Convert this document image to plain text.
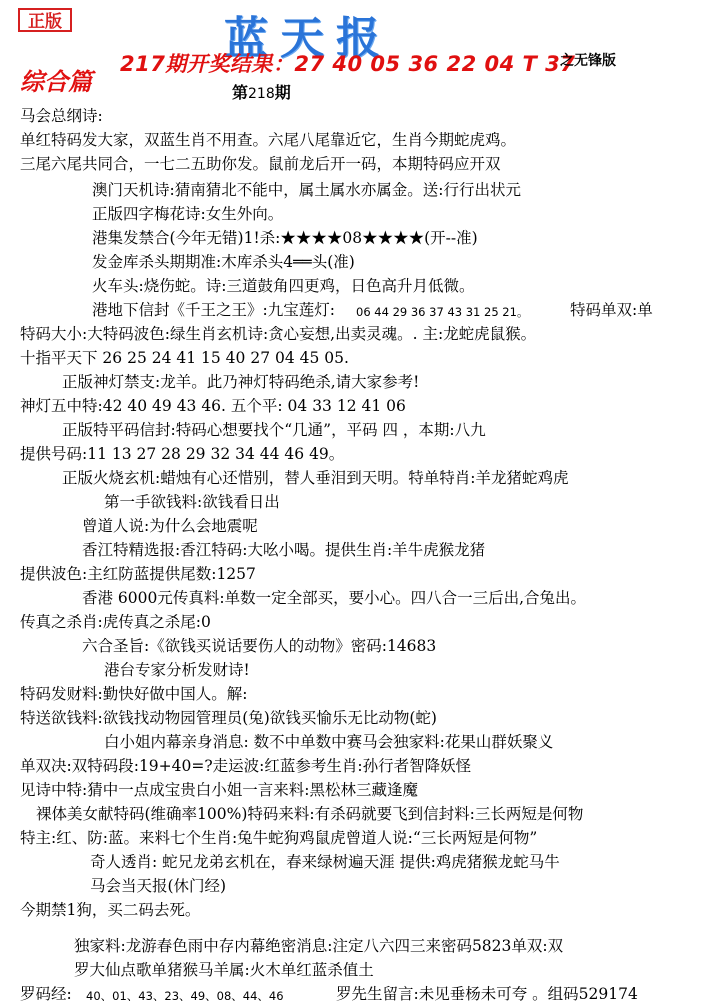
正版	蓝天报
217期开奖结果：27 40 05 36 22 04 T 37
之无锋版
综合篇	第218期
马会总纲诗:
单红特码发大家，双蓝生肖不用查。六尾八尾靠近它，生肖今期蛇虎鸡。
三尾六尾共同合，一七二五助你发。鼠前龙后开一码，本期特码应开双
澳门天机诗:猜南猜北不能中，属土属水亦属金。送:行行出状元
正版四字梅花诗:女生外向。
港集发禁合(今年无错)1!杀:★★★★08★★★★(开--准)
发金库杀头期期准:木库杀头4══头(准)
火车头:烧伤蛇。诗:三道鼓角四更鸡，日色高升月低微。
港地下信封《千王之王》:九宝莲灯:
特码大小:大特码波色:绿生肖玄机诗:贪心妄想,出卖灵魂。. 主:龙蛇虎鼠猴。
十指平天下 26 25 24 41 15 40 27 04 45 05.
正版神灯禁支:龙羊。此乃神灯特码绝杀,请大家参考!
神灯五中特:42 40 49 43 46. 五个平: 04 33 12 41 06
正版特平码信封:特码心想要找个“几通”，平码 四 ，本期:八九
提供号码:11 13 27 28 29 32 34 44 46 49。
正版火烧玄机:蜡烛有心还惜别，替人垂泪到天明。特单特肖:羊龙猪蛇鸡虎
第一手欲钱料:欲钱看日出
曾道人说:为什么会地震呢
香江特精选报:香江特码:大吆小喝。提供生肖:羊牛虎猴龙猪
提供波色:主红防蓝提供尾数:1257
香港 6000元传真料:单数一定全部买，要小心。四八合一三后出,合兔出。
传真之杀肖:虎传真之杀尾:0
六合圣旨:《欲钱买说话要伤人的动物》密码:14683
港台专家分析发财诗!
特码发财料:勤快好做中国人。解:
特送欲钱料:欲钱找动物园管理员(兔)欲钱买愉乐无比动物(蛇)
白小姐内幕亲身消息: 数不中单数中赛马会独家料:花果山群妖聚义
单双决:双特码段:19+40=?走运波:红蓝参考生肖:孙行者智降妖怪
见诗中特:猜中一点成宝贵白小姐一言来料:黑松林三藏逢魔
裸体美女献特码(维确率100%)特码来料:有杀码就要飞到信封料:三长两短是何物
特主:红、防:蓝。来料七个生肖:兔牛蛇狗鸡鼠虎曾道人说:“三长两短是何物”
奇人透肖: 蛇兄龙弟玄机在，春来绿树遍天涯 提供:鸡虎猪猴龙蛇马牛
马会当天报(休门经)
今期禁1狗，买二码去死。
独家料:龙游春色雨中存内幕绝密消息:注定八六四三来密码5823单双:双
罗大仙点歌单猪猴马羊属:火木单红蓝杀值土
罗码经:	罗先生留言:未见垂杨未可夸 。组码529174
06 44 29 36 37 43 31 25 21。	特码单双:单
40、01、43、23、49、08、44、46
